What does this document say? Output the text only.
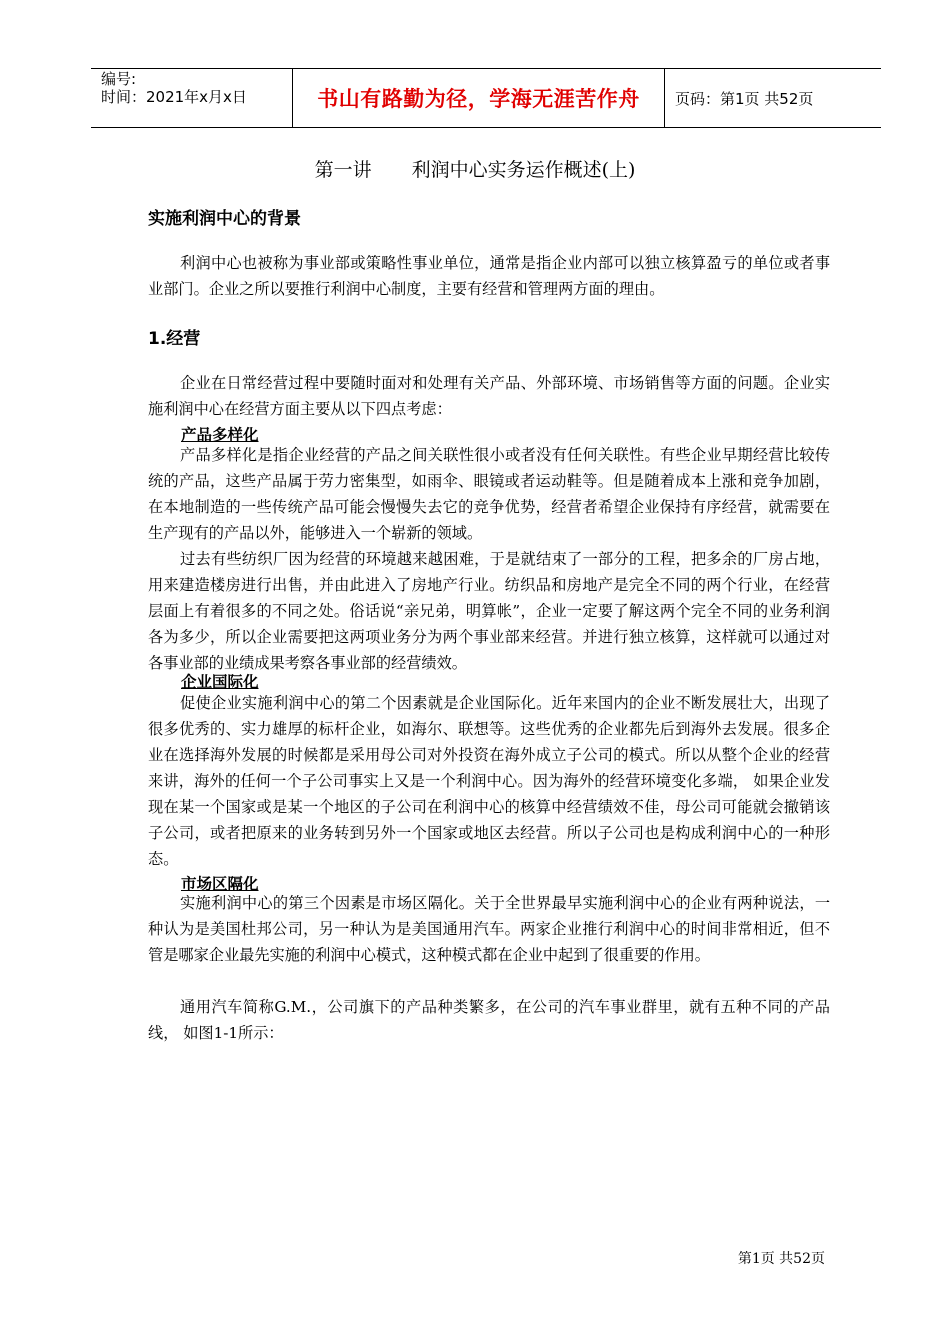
编号:
时间：2021年x月x日	书山有路勤为径，学海无涯苦作舟 页码：第1页 共52页
第一讲 利润中心实务运作概述(上)
实施利润中心的背景

利润中心也被称为事业部或策略性事业单位，通常是指企业内部可以独立核算盈亏的单位或者事业部门。企业之所以要推行利润中心制度，主要有经营和管理两方面的理由。

1.经营

企业在日常经营过程中要随时面对和处理有关产品、外部环境、市场销售等方面的问题。企业实施利润中心在经营方面主要从以下四点考虑：

产品多样化

产品多样化是指企业经营的产品之间关联性很小或者没有任何关联性。有些企业早期经营比较传统的产品，这些产品属于劳力密集型，如雨伞、眼镜或者运动鞋等。但是随着成本上涨和竞争加剧，在本地制造的一些传统产品可能会慢慢失去它的竞争优势，经营者希望企业保持有序经营，就需要在生产现有的产品以外，能够进入一个崭新的领域。

过去有些纺织厂因为经营的环境越来越困难，于是就结束了一部分的工程，把多余的厂房占地，用来建造楼房进行出售，并由此进入了房地产行业。纺织品和房地产是完全不同的两个行业，在经营层面上有着很多的不同之处。俗话说“亲兄弟，明算帐”，企业一定要了解这两个完全不同的业务利润各为多少，所以企业需要把这两项业务分为两个事业部来经营。并进行独立核算，这样就可以通过对各事业部的业绩成果考察各事业部的经营绩效。

企业国际化

促使企业实施利润中心的第二个因素就是企业国际化。近年来国内的企业不断发展壮大，出现了很多优秀的、实力雄厚的标杆企业，如海尔、联想等。这些优秀的企业都先后到海外去发展。很多企业在选择海外发展的时候都是采用母公司对外投资在海外成立子公司的模式。所以从整个企业的经营来讲，海外的任何一个子公司事实上又是一个利润中心。因为海外的经营环境变化多端， 如果企业发现在某一个国家或是某一个地区的子公司在利润中心的核算中经营绩效不佳，母公司可能就会撤销该子公司，或者把原来的业务转到另外一个国家或地区去经营。所以子公司也是构成利润中心的一种形态。

市场区隔化

实施利润中心的第三个因素是市场区隔化。关于全世界最早实施利润中心的企业有两种说法，一种认为是美国杜邦公司，另一种认为是美国通用汽车。两家企业推行利润中心的时间非常相近，但不管是哪家企业最先实施的利润中心模式，这种模式都在企业中起到了很重要的作用。

通用汽车简称G.M.，公司旗下的产品种类繁多，在公司的汽车事业群里，就有五种不同的产品线， 如图1-1所示：

第1页 共52页
